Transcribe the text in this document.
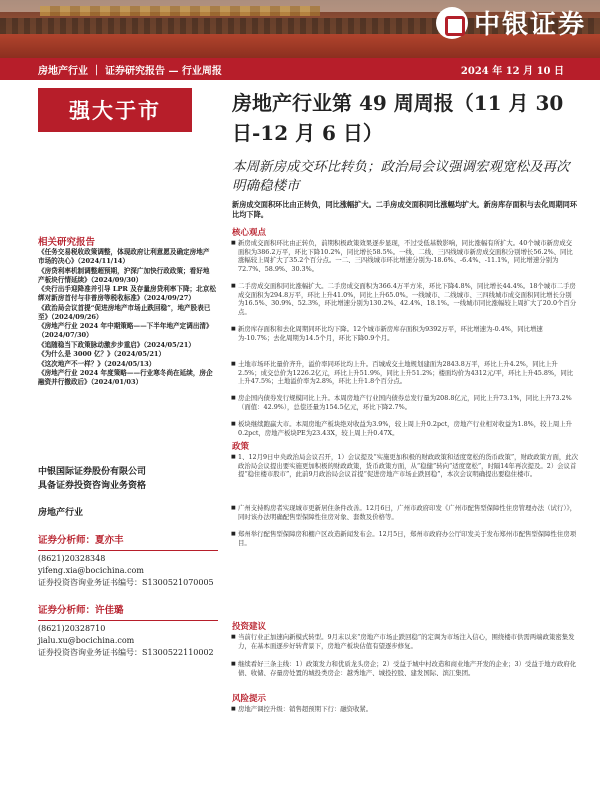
中银证券
房地产行业 ｜ 证券研究报告 — 行业周报	2024 年 12 月 10 日
强大于市
相关研究报告
《任务交易税收政策调整，体现政府让利意愿及确定房地产市场的决心》（2024/11/14）
《房贷利率机制调整超预期，沪深广加快行政政策；看好地产板块行情延续》（2024/09/30）
《央行出手迎降准并引导 LPR 及存量房贷利率下降；北京松绑对新房首付与非普房等税收标准》（2024/09/27）
《政治局会议首提“促进房地产市场止跌回稳”，地产股表已至》（2024/09/26）
《房地产行业 2024 年中期策略——下半年地产定调出清》（2024/07/30）
《追随稳当下政策脉动激步步重启》（2024/05/21）
《为什么是 3000 亿？》（2024/05/21）
《这次地产不一样？》（2024/05/13）
《房地产行业 2024 年度策略——行业寒冬尚在延续，房企融资并行撤政后》（2024/01/03）
中银国际证券股份有限公司
具备证券投资咨询业务资格
房地产行业
证券分析师：夏亦丰
(8621)20328348
yifeng.xia@bocichina.com
证券投资咨询业务证书编号：S1300521070005
证券分析师：许佳璐
(8621)20328710
jialu.xu@bocichina.com
证券投资咨询业务证书编号：S1300522110002
房地产行业第 49 周周报（11 月 30 日-12 月 6 日）
本周新房成交环比转负；政治局会议强调宏观宽松及再次明确稳楼市
新房成交面积环比由正转负，同比涨幅扩大。二手房成交面积同比涨幅均扩大。新房库存面积与去化周期同环比均下降。
核心观点
■ 新房成交面积环比由正转负，前期积极政策效果逐步显现，不过受低基数影响，同比涨幅有所扩大。40个城市新房成交面积为386.2万平，环比下降10.2%，同比增长58.5%。一线、二线、三四线城市新房成交面积分别增长56.2%、同比涨幅较上周扩大了35.2个百分点。一二、三四线城市环比增速分别为-18.6%、-6.4%、-11.1%，同比增速分别为72.7%、58.9%、30.3%。
■ 二手房成交面积同比涨幅扩大。二手房成交面积为366.4万平方米，环比下降4.8%，同比增长44.4%。18个城市二手房成交面积为294.8万平，环比上升41.0%，同比上升65.0%。一线城市、二线城市、三四线城市成交面积同比增长分别为16.5%、30.9%、52.3%，环比增速分别为130.2%、42.4%、18.1%。一线城市同比涨幅较上周扩大了20.0个百分点。
■ 新房库存面积和去化周期同环比均下降。12个城市新房库存面积为9392万平，环比增速为-0.4%，同比增速为-10.7%；去化周期为14.5个月，环比下降0.9个月。
■ 土地市场环比量价齐升，溢价率同环比均上升。百城成交土地规划建面为2843.8万平，环比上升4.2%，同比上升2.5%；成交总价为1226.2亿元，环比上升51.9%，同比上升51.2%；楼面均价为4312元/平，环比上升45.8%，同比上升47.5%；土地溢价率为2.8%，环比上升1.8个百分点。
■ 房企国内债券发行规模同比上升。本周房地产行业国内债券总发行量为208.8亿元，同比上升73.1%，同比上升73.2%（面值：42.9%），总偿还量为154.5亿元，环比下降2.7%。
■ 板块继续跑赢大市。本周房地产板块绝对收益为3.9%，较上周上升0.2pct，房地产行业相对收益为1.8%，较上周上升0.2pct，房地产板块PE为23.43X，较上周上升0.47X。
政策
■ 1、12月9日中央政治局会议召开，1）会议提及“实施更加积极的财政政策和适度宽松的货币政策”，财政政策方面，此次政治局会议提出要实施更加积极的财政政策，货币政策方面，从“稳健”转向“适度宽松”，时隔14年再次提及。2）会议首提“稳住楼市股市”，此前9月政治局会议首提“促进房地产市场止跌回稳”，本次会议明确提出要稳住楼市。
■ 广州支持购房者实现城市更新居住条件改善。12月6日，广州市政府印发《广州市配售型保障性住房管理办法（试行）》，同时该办法明确配售型保障性住房对象、套数及价格等。
■ 郑州举行配售型保障房和棚户区改造新闻发布会。12月5日，郑州市政府办公厅印发关于发布郑州市配售型保障性住房项目。
投资建议
■ 当前行业正加速向新模式转型。9月末以来“房地产市场止跌回稳”的定调为市场注入信心，围绕楼市供需两端政策密集发力，在基本面逐步好转背景下，房地产板块估值有望逐步修复。
■ 继续看好三条主线：1）政策发力和优质龙头房企；2）受益于城中村改造和商业地产开发的企业；3）受益于地方政府化债、收储、存量房处置的城投类房企：越秀地产、城投控股、建发国际、滨江集团。
风险提示
■ 房地产调控升级：销售超预期下行：融资收紧。
